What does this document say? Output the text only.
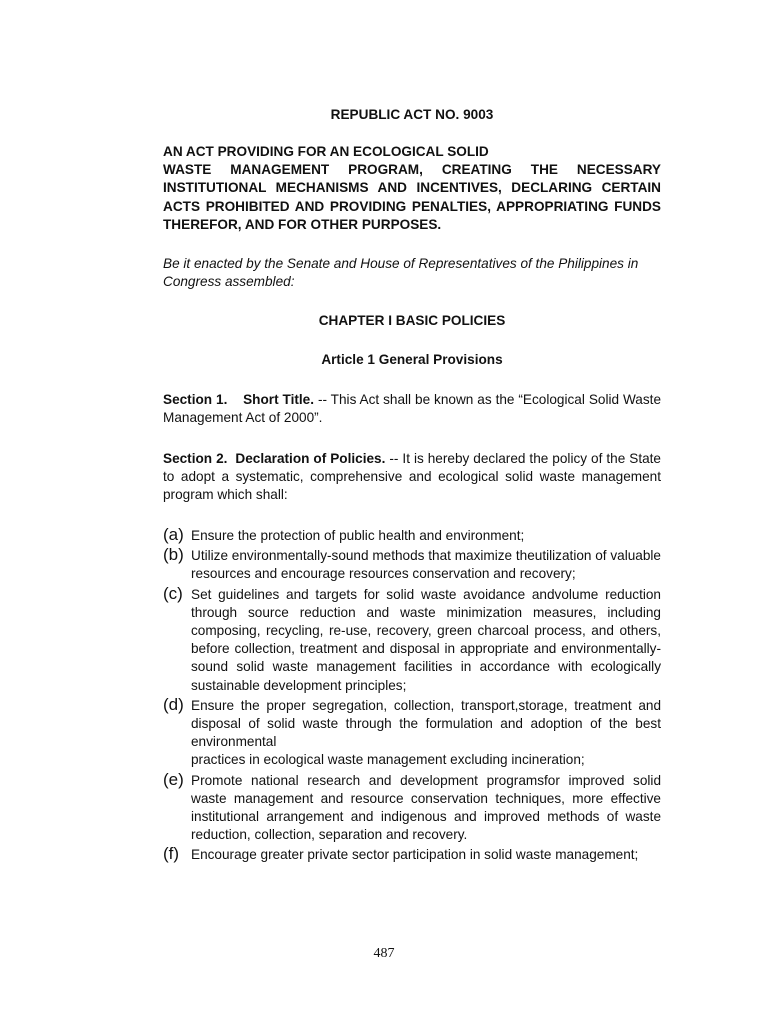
REPUBLIC ACT NO. 9003
AN ACT PROVIDING FOR AN ECOLOGICAL SOLID
WASTE MANAGEMENT PROGRAM, CREATING THE NECESSARY INSTITUTIONAL MECHANISMS AND INCENTIVES, DECLARING CERTAIN ACTS PROHIBITED AND PROVIDING PENALTIES, APPROPRIATING FUNDS THEREFOR, AND FOR OTHER PURPOSES.
Be it enacted by the Senate and House of Representatives of the Philippines in Congress assembled:
CHAPTER I BASIC POLICIES
Article 1 General Provisions
Section 1. Short Title. -- This Act shall be known as the “Ecological Solid Waste Management Act of 2000”.
Section 2. Declaration of Policies. -- It is hereby declared the policy of the State to adopt a systematic, comprehensive and ecological solid waste management program which shall:
(a) Ensure the protection of public health and environment;
(b) Utilize environmentally-sound methods that maximize theutilization of valuable resources and encourage resources conservation and recovery;
(c) Set guidelines and targets for solid waste avoidance andvolume reduction through source reduction and waste minimization measures, including composing, recycling, re-use, recovery, green charcoal process, and others, before collection, treatment and disposal in appropriate and environmentally-sound solid waste management facilities in accordance with ecologically sustainable development principles;
(d) Ensure the proper segregation, collection, transport,storage, treatment and disposal of solid waste through the formulation and adoption of the best environmental
practices in ecological waste management excluding incineration;
(e) Promote national research and development programsfor improved solid waste management and resource conservation techniques, more effective institutional arrangement and indigenous and improved methods of waste reduction, collection, separation and recovery.
(f) Encourage greater private sector participation in solid waste management;
487
